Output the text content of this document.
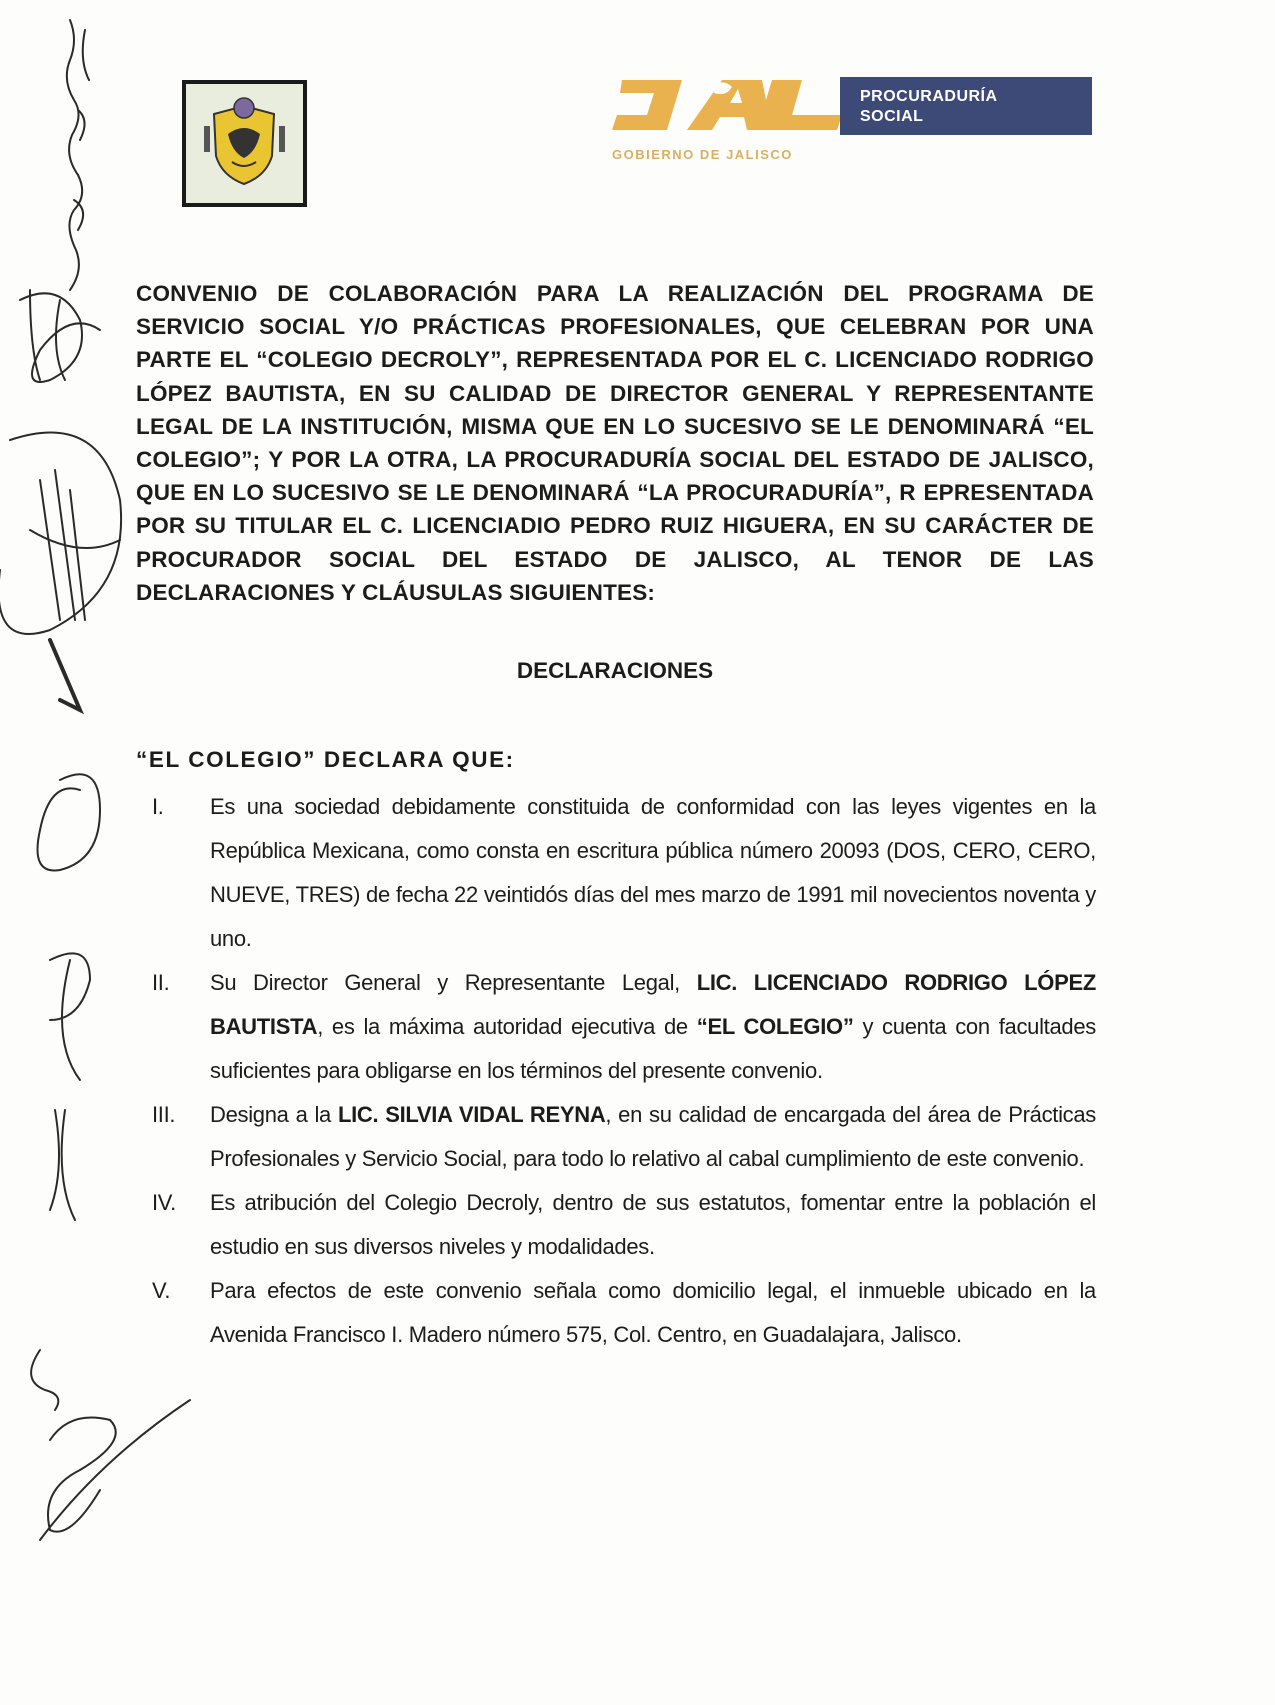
PROCURADURÍA
SOCIAL
GOBIERNO DE JALISCO
CONVENIO DE COLABORACIÓN PARA LA REALIZACIÓN DEL PROGRAMA DE SERVICIO SOCIAL Y/O PRÁCTICAS PROFESIONALES, QUE CELEBRAN POR UNA PARTE EL “COLEGIO DECROLY”, REPRESENTADA POR EL C. LICENCIADO RODRIGO LÓPEZ BAUTISTA, EN SU CALIDAD DE DIRECTOR GENERAL Y REPRESENTANTE LEGAL DE LA INSTITUCIÓN, MISMA QUE EN LO SUCESIVO SE LE DENOMINARÁ “EL COLEGIO”; Y POR LA OTRA, LA PROCURADURÍA SOCIAL DEL ESTADO DE JALISCO, QUE EN LO SUCESIVO SE LE DENOMINARÁ “LA PROCURADURÍA”, R EPRESENTADA POR SU TITULAR EL C. LICENCIADIO PEDRO RUIZ HIGUERA, EN SU CARÁCTER DE PROCURADOR SOCIAL DEL ESTADO DE JALISCO, AL TENOR DE LAS DECLARACIONES Y CLÁUSULAS SIGUIENTES:
DECLARACIONES
“EL COLEGIO” DECLARA QUE:
I. Es una sociedad debidamente constituida de conformidad con las leyes vigentes en la República Mexicana, como consta en escritura pública número 20093 (DOS, CERO, CERO, NUEVE, TRES) de fecha 22 veintidós días del mes marzo de 1991 mil novecientos noventa y uno.
II. Su Director General y Representante Legal, LIC. LICENCIADO RODRIGO LÓPEZ BAUTISTA, es la máxima autoridad ejecutiva de “EL COLEGIO” y cuenta con facultades suficientes para obligarse en los términos del presente convenio.
III. Designa a la LIC. SILVIA VIDAL REYNA, en su calidad de encargada del área de Prácticas Profesionales y Servicio Social, para todo lo relativo al cabal cumplimiento de este convenio.
IV. Es atribución del Colegio Decroly, dentro de sus estatutos, fomentar entre la población el estudio en sus diversos niveles y modalidades.
V. Para efectos de este convenio señala como domicilio legal, el inmueble ubicado en la Avenida Francisco I. Madero número 575, Col. Centro, en Guadalajara, Jalisco.
